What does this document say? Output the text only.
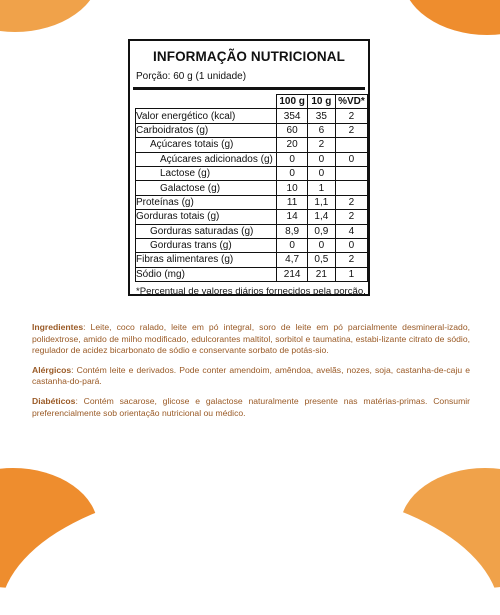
INFORMAÇÃO NUTRICIONAL
Porção: 60 g (1 unidade)
	100 g	10 g	%VD*
Valor energético (kcal)	354	35	2
Carboidratos (g)	60	6	2
Açúcares totais (g)	20	2	
Açúcares adicionados (g)	0	0	0
Lactose (g)	0	0	
Galactose (g)	10	1	
Proteínas (g)	11	1,1	2
Gorduras totais (g)	14	1,4	2
Gorduras saturadas (g)	8,9	0,9	4
Gorduras trans (g)	0	0	0
Fibras alimentares (g)	4,7	0,5	2
Sódio (mg)	214	21	1
*Percentual de valores diários fornecidos pela porção.

Ingredientes: Leite, coco ralado, leite em pó integral, soro de leite em pó parcialmente desmineral-izado, polidextrose, amido de milho modificado, edulcorantes maltitol, sorbitol e taumatina, estabi-lizante citrato de sódio, regulador de acidez bicarbonato de sódio e conservante sorbato de potás-sio.

Alérgicos: Contém leite e derivados. Pode conter amendoim, amêndoa, avelãs, nozes, soja, castanha-de-caju e castanha-do-pará.

Diabéticos: Contém sacarose, glicose e galactose naturalmente presente nas matérias-primas. Consumir preferencialmente sob orientação nutricional ou médico.
